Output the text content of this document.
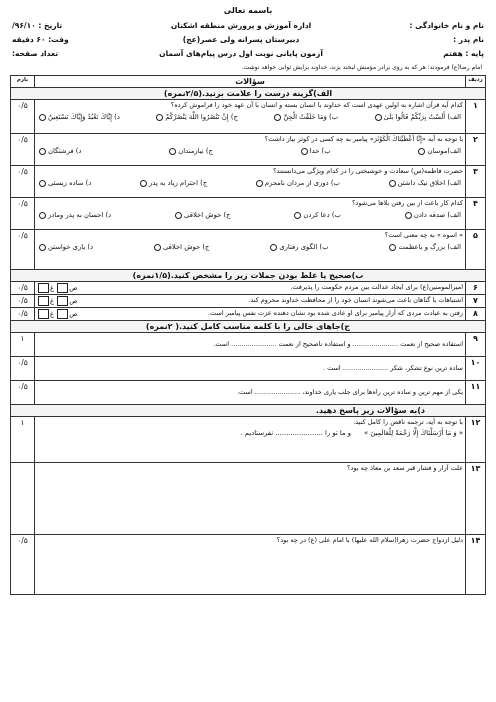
باسمه تعالی
نام و نام خانوادگی :
اداره آموزش و پرورش منطقه اشکنان
تاریخ : ۹۶/۱۰/
نام پدر :
دبیرستان پسرانه ولی عصر(عج)
وقت: ۶۰ دقیقه
پایه : هفتم
آزمون پایانی نوبت اول درس پیام‌های آسمان
تعداد صفحه:
امام رضا(ع) فرمودند: هر که به روی برادر مؤمنش لبخند بزند، خداوند برایش ثوابی خواهد نوشت.
ردیف	سؤالات	بارم
الف)گزینه درست را علامت بزنید.(۲/۵نمره)		
۱	کدام آیه قرآن اشاره به اولین عهدی است که خداوند با انسان بسته و انسان با آن عهد خود را فراموش کرده؟
الف) أَلَسْتُ بِرَبِّکُمْ قَالُوا بَلَىٰ
ب) وَمَا خَلَقْتُ الْجِنَّ
ج) إِنْ تَنْصُرُوا اللَّهَ يَنْصُرْكُمْ
د) إِيَّاكَ نَعْبُدُ وَإِيَّاكَ نَسْتَعِينُ	۰/۵
۲	با توجه به آیه «إِنَّا أَعْطَيْنَاكَ الْكَوْثَرَ» پیامبر به چه کسی در کوثر نیاز داشت؟
الف)موسان
ب) خدا
ج) نیازمندان
د) فرشتگان	۰/۵
۳	حضرت فاطمه(س) سعادت و خوشبختی را در کدام ویژگی می‌دانستند؟
الف) اخلاق نیک داشتن
ب) دوری از مردان نامحرم
ج) احترام زیاد به پدر
د) ساده زیستی	۰/۵
۴	کدام کار باعث از بین رفتن بلاها می‌شود؟
الف) صدقه دادن
ب) دعا کردن
ج) خوش اخلاقی
د) احسان به پدر ومادر	۰/۵
۵	« اسوه » به چه معنی است؟
الف) بزرگ و باعظمت
ب) الگوی رفتاری
ج) خوش اخلاقی
د) یاری خواستن	۰/۵
ب)صحیح یا غلط بودن جملات زیر را مشخص کنید.(۱/۵نمره)		
۶	امیرالمومنین(ع) برای ایجاد عدالت بین مردم حکومت را پذیرفت.
ص غ	۰/۵
۷	اشتباهات یا گناهان باعث می‌شوند انسان خود را از محافظت خداوند محروم کند.
ص غ	۰/۵
۸	رفتن به عیادت مردی که آزار پیامبر برای او عادی شده بود نشان دهنده عزت نفس پیامبر است.
ص غ	۰/۵
ج)جاهای خالی را با کلمه مناسب کامل کنید.( ۲نمره)		
۹	استفاده صحیح از نعمت ...................... و استفاده ناصحیح از نعمت ...................... است.	۱
۱۰	ساده ترین نوع تشکر، شکر ...................... است .	۰/۵
۱۱	یکی از مهم ترین و ساده ترین راه‌ها برای جلب یاری خداوند، ...................... است.	۰/۵
د)به سؤالات زیر پاسخ دهید.		
۱۲	با توجه به آیه، ترجمه ناقص را کامل کنید.
« وَ مَا أَرْسَلْنَاكَ إِلَّا رَحْمَةً لِلْعَالَمِينَ »      و ما تو را ...................... نفرستادیم .	۱
۱۳	علت آزار و فشار قبر سعد بن معاذ چه بود؟	
۱۴	دلیل ازدواج حضرت زهرا(سلام الله علیها) با امام علی (ع) در چه بود؟	۰/۵
